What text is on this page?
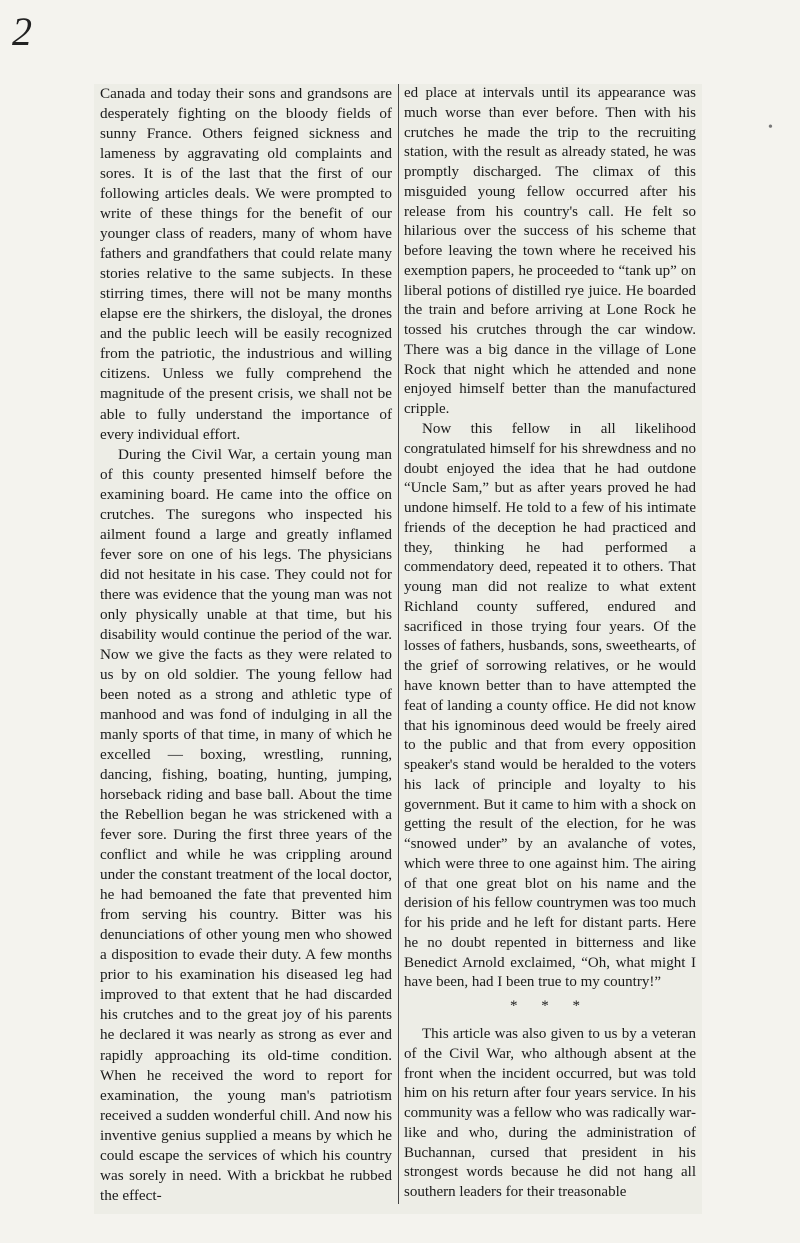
2
•

Canada and today their sons and grandsons are desperately fighting on the bloody fields of sunny France. Others feigned sickness and lameness by aggravating old complaints and sores. It is of the last that the first of our following articles deals. We were prompted to write of these things for the benefit of our younger class of readers, many of whom have fathers and grandfathers that could relate many stories relative to the same subjects. In these stirring times, there will not be many months elapse ere the shirkers, the disloyal, the drones and the public leech will be easily recognized from the patriotic, the industrious and willing citizens. Unless we fully comprehend the magnitude of the present crisis, we shall not be able to fully understand the importance of every individual effort.

During the Civil War, a certain young man of this county presented himself before the examining board. He came into the office on crutches. The suregons who inspected his ailment found a large and greatly inflamed fever sore on one of his legs. The physicians did not hesitate in his case. They could not for there was evidence that the young man was not only physically unable at that time, but his disability would continue the period of the war. Now we give the facts as they were related to us by on old soldier. The young fellow had been noted as a strong and athletic type of manhood and was fond of indulging in all the manly sports of that time, in many of which he excelled — boxing, wrestling, running, dancing, fishing, boating, hunting, jumping, horseback riding and base ball. About the time the Rebellion began he was strickened with a fever sore. During the first three years of the conflict and while he was crippling around under the constant treatment of the local doctor, he had bemoaned the fate that prevented him from serving his country. Bitter was his denunciations of other young men who showed a disposition to evade their duty. A few months prior to his examination his diseased leg had improved to that extent that he had discarded his crutches and to the great joy of his parents he declared it was nearly as strong as ever and rapidly approaching its old-time condition. When he received the word to report for examination, the young man's patriotism received a sudden wonderful chill. And now his inventive genius supplied a means by which he could escape the services of which his country was sorely in need. With a brickbat he rubbed the effect-

ed place at intervals until its appearance was much worse than ever before. Then with his crutches he made the trip to the recruiting station, with the result as already stated, he was promptly discharged. The climax of this misguided young fellow occurred after his release from his country's call. He felt so hilarious over the success of his scheme that before leaving the town where he received his exemption papers, he proceeded to “tank up” on liberal potions of distilled rye juice. He boarded the train and before arriving at Lone Rock he tossed his crutches through the car window. There was a big dance in the village of Lone Rock that night which he attended and none enjoyed himself better than the manufactured cripple.

Now this fellow in all likelihood congratulated himself for his shrewdness and no doubt enjoyed the idea that he had outdone “Uncle Sam,” but as after years proved he had undone himself. He told to a few of his intimate friends of the deception he had practiced and they, thinking he had performed a commendatory deed, repeated it to others. That young man did not realize to what extent Richland county suffered, endured and sacrificed in those trying four years. Of the losses of fathers, husbands, sons, sweethearts, of the grief of sorrowing relatives, or he would have known better than to have attempted the feat of landing a county office. He did not know that his ignominous deed would be freely aired to the public and that from every opposition speaker's stand would be heralded to the voters his lack of principle and loyalty to his government. But it came to him with a shock on getting the result of the election, for he was “snowed under” by an avalanche of votes, which were three to one against him. The airing of that one great blot on his name and the derision of his fellow countrymen was too much for his pride and he left for distant parts. Here he no doubt repented in bitterness and like Benedict Arnold exclaimed, “Oh, what might I have been, had I been true to my country!”

* * *

This article was also given to us by a veteran of the Civil War, who although absent at the front when the incident occurred, but was told him on his return after four years service. In his community was a fellow who was radically war-like and who, during the administration of Buchannan, cursed that president in his strongest words because he did not hang all southern leaders for their treasonable
